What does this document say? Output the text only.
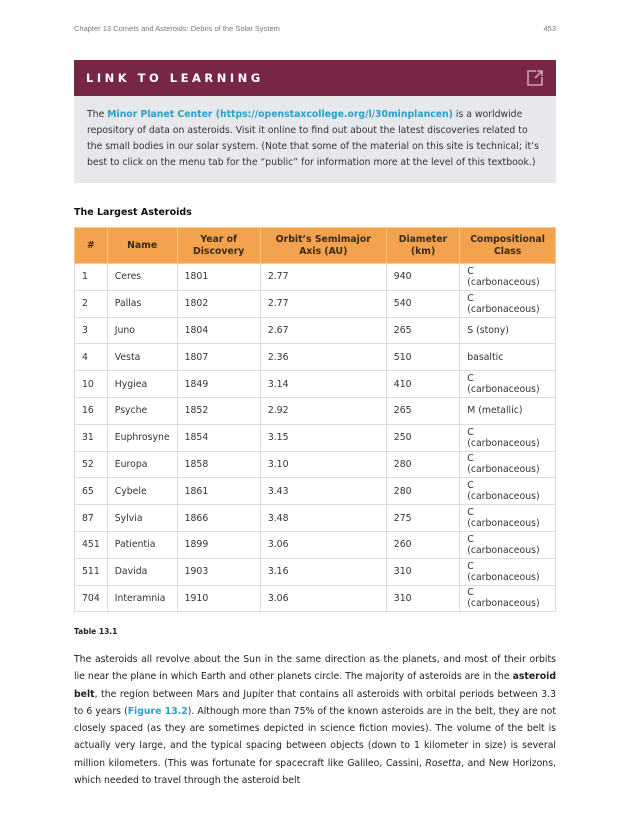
Chapter 13 Comets and Asteroids: Debris of the Solar System	453
LINK TO LEARNING
The Minor Planet Center (https://openstaxcollege.org/l/30minplancen) is a worldwide repository of data on asteroids. Visit it online to find out about the latest discoveries related to the small bodies in our solar system. (Note that some of the material on this site is technical; it’s best to click on the menu tab for the “public” for information more at the level of this textbook.)
The Largest Asteroids
#	Name	Year of Discovery	Orbit’s Semimajor Axis (AU)	Diameter (km)	Compositional Class
1	Ceres	1801	2.77	940	C (carbonaceous)
2	Pallas	1802	2.77	540	C (carbonaceous)
3	Juno	1804	2.67	265	S (stony)
4	Vesta	1807	2.36	510	basaltic
10	Hygiea	1849	3.14	410	C (carbonaceous)
16	Psyche	1852	2.92	265	M (metallic)
31	Euphrosyne	1854	3.15	250	C (carbonaceous)
52	Europa	1858	3.10	280	C (carbonaceous)
65	Cybele	1861	3.43	280	C (carbonaceous)
87	Sylvia	1866	3.48	275	C (carbonaceous)
451	Patientia	1899	3.06	260	C (carbonaceous)
511	Davida	1903	3.16	310	C (carbonaceous)
704	Interamnia	1910	3.06	310	C (carbonaceous)
Table 13.1
The asteroids all revolve about the Sun in the same direction as the planets, and most of their orbits lie near the plane in which Earth and other planets circle. The majority of asteroids are in the asteroid belt, the region between Mars and Jupiter that contains all asteroids with orbital periods between 3.3 to 6 years (Figure 13.2). Although more than 75% of the known asteroids are in the belt, they are not closely spaced (as they are sometimes depicted in science fiction movies). The volume of the belt is actually very large, and the typical spacing between objects (down to 1 kilometer in size) is several million kilometers. (This was fortunate for spacecraft like Galileo, Cassini, Rosetta, and New Horizons, which needed to travel through the asteroid belt
